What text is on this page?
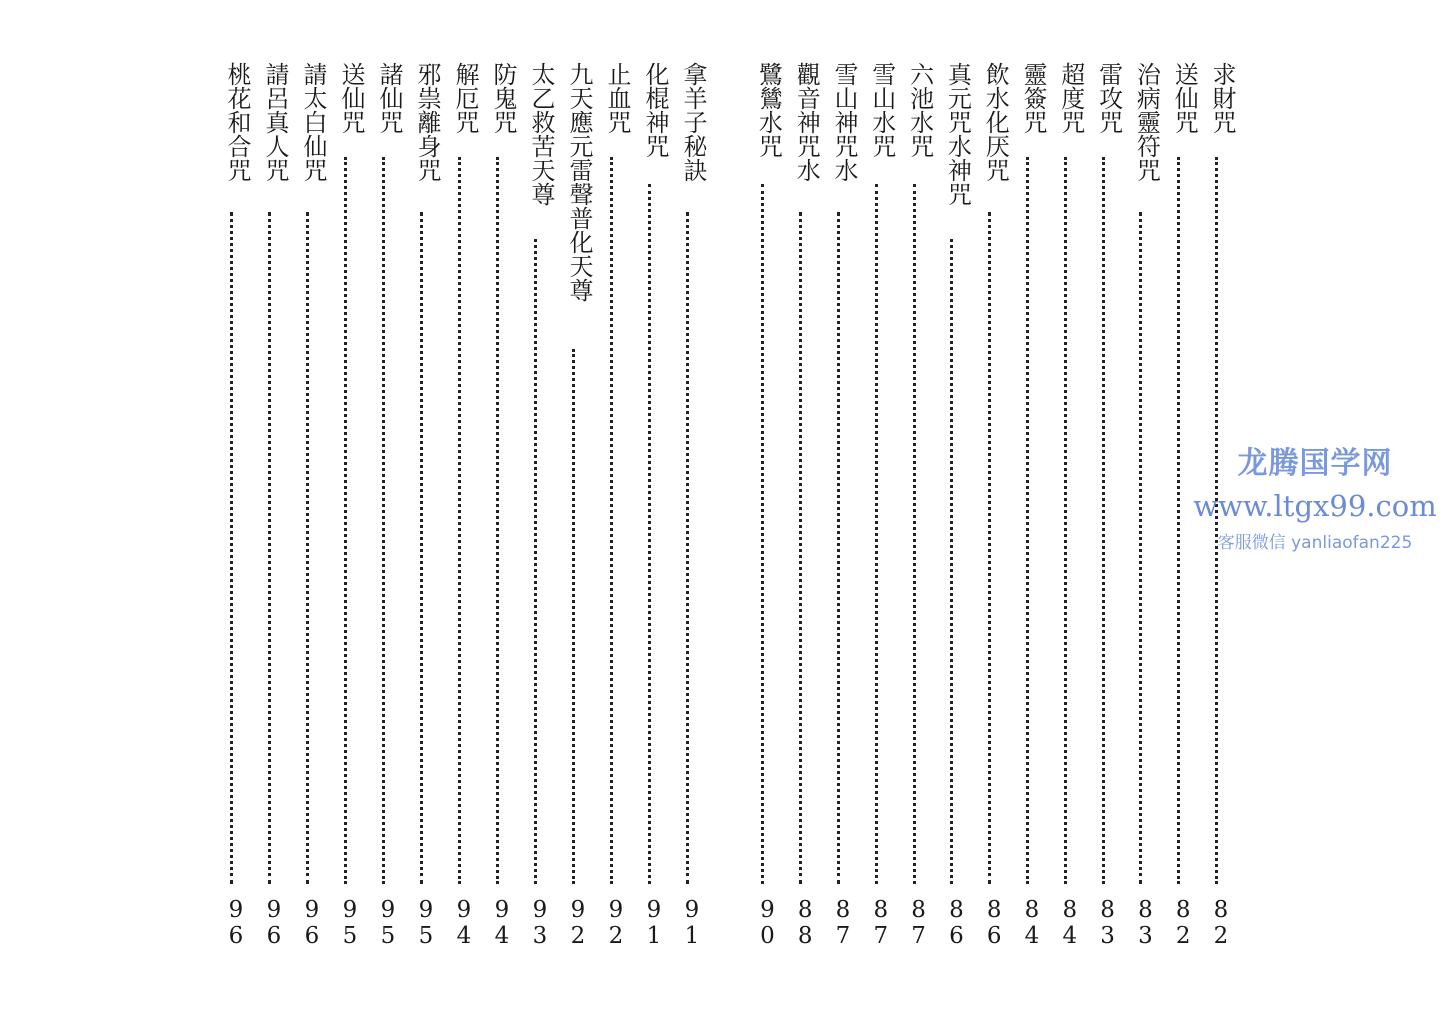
求財咒
82
送仙咒
82
治病靈符咒
83
雷攻咒
83
超度咒
84
靈簽咒
84
飲水化厌咒
86
真元咒水神咒
86
六池水咒
87
雪山水咒
87
雪山神咒水
87
觀音神咒水
88
鷺鷥水咒
90
拿羊子秘訣
91
化棍神咒
91
止血咒
92
九天應元雷聲普化天尊
92
太乙救苦天尊
93
防鬼咒
94
解厄咒
94
邪祟離身咒
95
諸仙咒
95
送仙咒
95
請太白仙咒
96
請呂真人咒
96
桃花和合咒
96
龙腾国学网
www.ltgx99.com
客服微信 yanliaofan225
